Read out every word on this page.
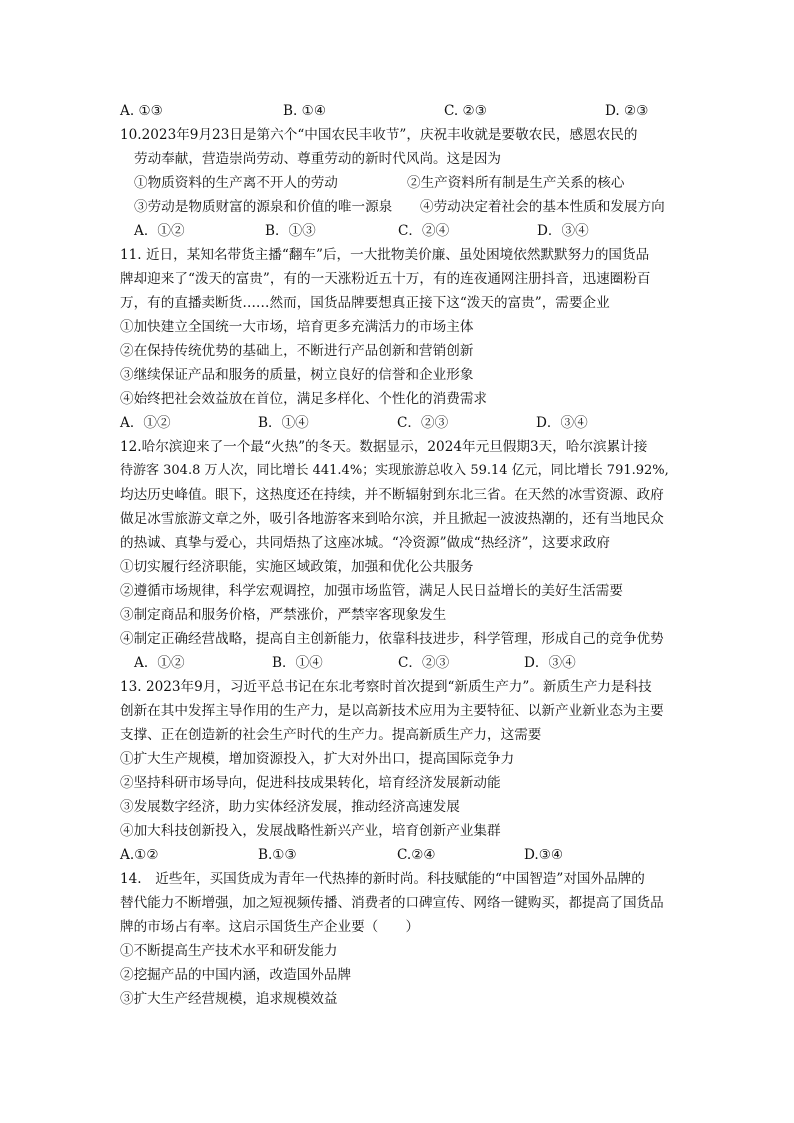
A. ①③	B. ①④	C. ②③	D. ②③
10.2023年9月23日是第六个“中国农民丰收节”，庆祝丰收就是要敬农民，感恩农民的
劳动奉献，营造崇尚劳动、尊重劳动的新时代风尚。这是因为
①物质资料的生产离不开人的劳动	②生产资料所有制是生产关系的核心
③劳动是物质财富的源泉和价值的唯一源泉 ④劳动决定着社会的基本性质和发展方向
A．①②	B．①③	C．②④	D．③④
11. 近日，某知名带货主播“翻车”后，一大批物美价廉、虽处困境依然默默努力的国货品
牌却迎来了“泼天的富贵”，有的一天涨粉近五十万，有的连夜通网注册抖音，迅速圈粉百
万，有的直播卖断货……然而，国货品牌要想真正接下这“泼天的富贵”，需要企业
①加快建立全国统一大市场，培育更多充满活力的市场主体
②在保持传统优势的基础上，不断进行产品创新和营销创新
③继续保证产品和服务的质量，树立良好的信誉和企业形象
④始终把社会效益放在首位，满足多样化、个性化的消费需求
A．①②	B．①④	C．②③	D．③④
12.哈尔滨迎来了一个最“火热”的冬天。数据显示，2024年元旦假期3天，哈尔滨累计接
待游客 304.8 万人次，同比增长 441.4%；实现旅游总收入 59.14 亿元，同比增长 791.92%,
均达历史峰值。眼下，这热度还在持续，并不断辐射到东北三省。在天然的冰雪资源、政府
做足冰雪旅游文章之外，吸引各地游客来到哈尔滨，并且掀起一波波热潮的，还有当地民众
的热诚、真挚与爱心，共同焐热了这座冰城。“冷资源”做成“热经济”，这要求政府
①切实履行经济职能，实施区域政策，加强和优化公共服务
②遵循市场规律，科学宏观调控，加强市场监管，满足人民日益增长的美好生活需要
③制定商品和服务价格，严禁涨价，严禁宰客现象发生
④制定正确经营战略，提高自主创新能力，依靠科技进步，科学管理，形成自己的竞争优势
A．①②	B．①④	C．②③	D．③④
13. 2023年9月，习近平总书记在东北考察时首次提到“新质生产力”。新质生产力是科技
创新在其中发挥主导作用的生产力，是以高新技术应用为主要特征、以新产业新业态为主要
支撑、正在创造新的社会生产时代的生产力。提高新质生产力，这需要
①扩大生产规模，增加资源投入，扩大对外出口，提高国际竞争力
②坚持科研市场导向，促进科技成果转化，培育经济发展新动能
③发展数字经济，助力实体经济发展，推动经济高速发展
④加大科技创新投入，发展战略性新兴产业，培育创新产业集群
A.①②	B.①③	C.②④	D.③④
14.　近些年，买国货成为青年一代热捧的新时尚。科技赋能的“中国智造”对国外品牌的
替代能力不断增强，加之短视频传播、消费者的口碑宣传、网络一键购买，都提高了国货品
牌的市场占有率。这启示国货生产企业要（　　）
①不断提高生产技术水平和研发能力
②挖掘产品的中国内涵，改造国外品牌
③扩大生产经营规模，追求规模效益
